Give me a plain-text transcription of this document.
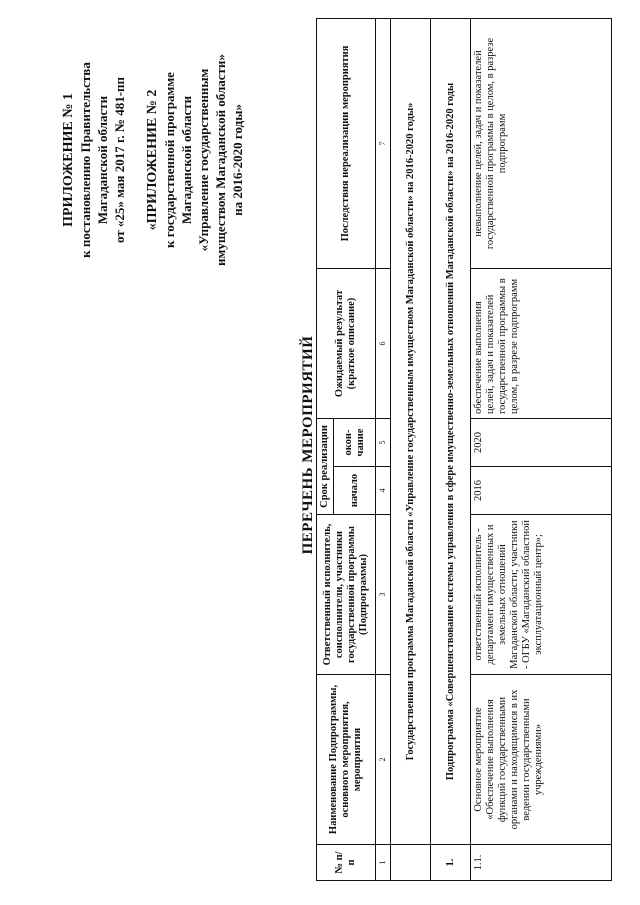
ПРИЛОЖЕНИЕ № 1 к постановлению Правительства Магаданской области от «25» мая 2017 г. № 481-пп «ПРИЛОЖЕНИЕ № 2 к государственной программе Магаданской области «Управление государственным имуществом Магаданской области» на 2016-2020 годы»
ПЕРЕЧЕНЬ МЕРОПРИЯТИЙ
№ п/п	Наименование Подпрограммы, основного мероприятия, мероприятия	Ответственный исполнитель, соисполнители, участники государственной программы (Подпрограммы)	Срок реализации		Ожидаемый результат (краткое описание)	Последствия нереализации мероприятия
			начало	окон-чание		
1	2	3	4	5	6	7
	Государственная программа Магаданской области «Управление государственным имуществом Магаданской области» на 2016-2020 годы»					
1.	Подпрограмма «Совершенствование системы управления в сфере имущественно-земельных отношений Магаданской области» на 2016-2020 годы					
1.1.	Основное мероприятие «Обеспечение выполнения функций государственными органами и находящимися в их ведении государственными учреждениями»	ответственный исполнитель - департамент имущественных и земельных отношений Магаданской области; участники - ОГБУ «Магаданский областной эксплуатационный центр»;	2016	2020	обеспечение выполнения целей, задач и показателей государственной программы в целом, в разрезе подпрограмм	невыполнение целей, задач и показателей государственной программы в целом, в разрезе подпрограмм
